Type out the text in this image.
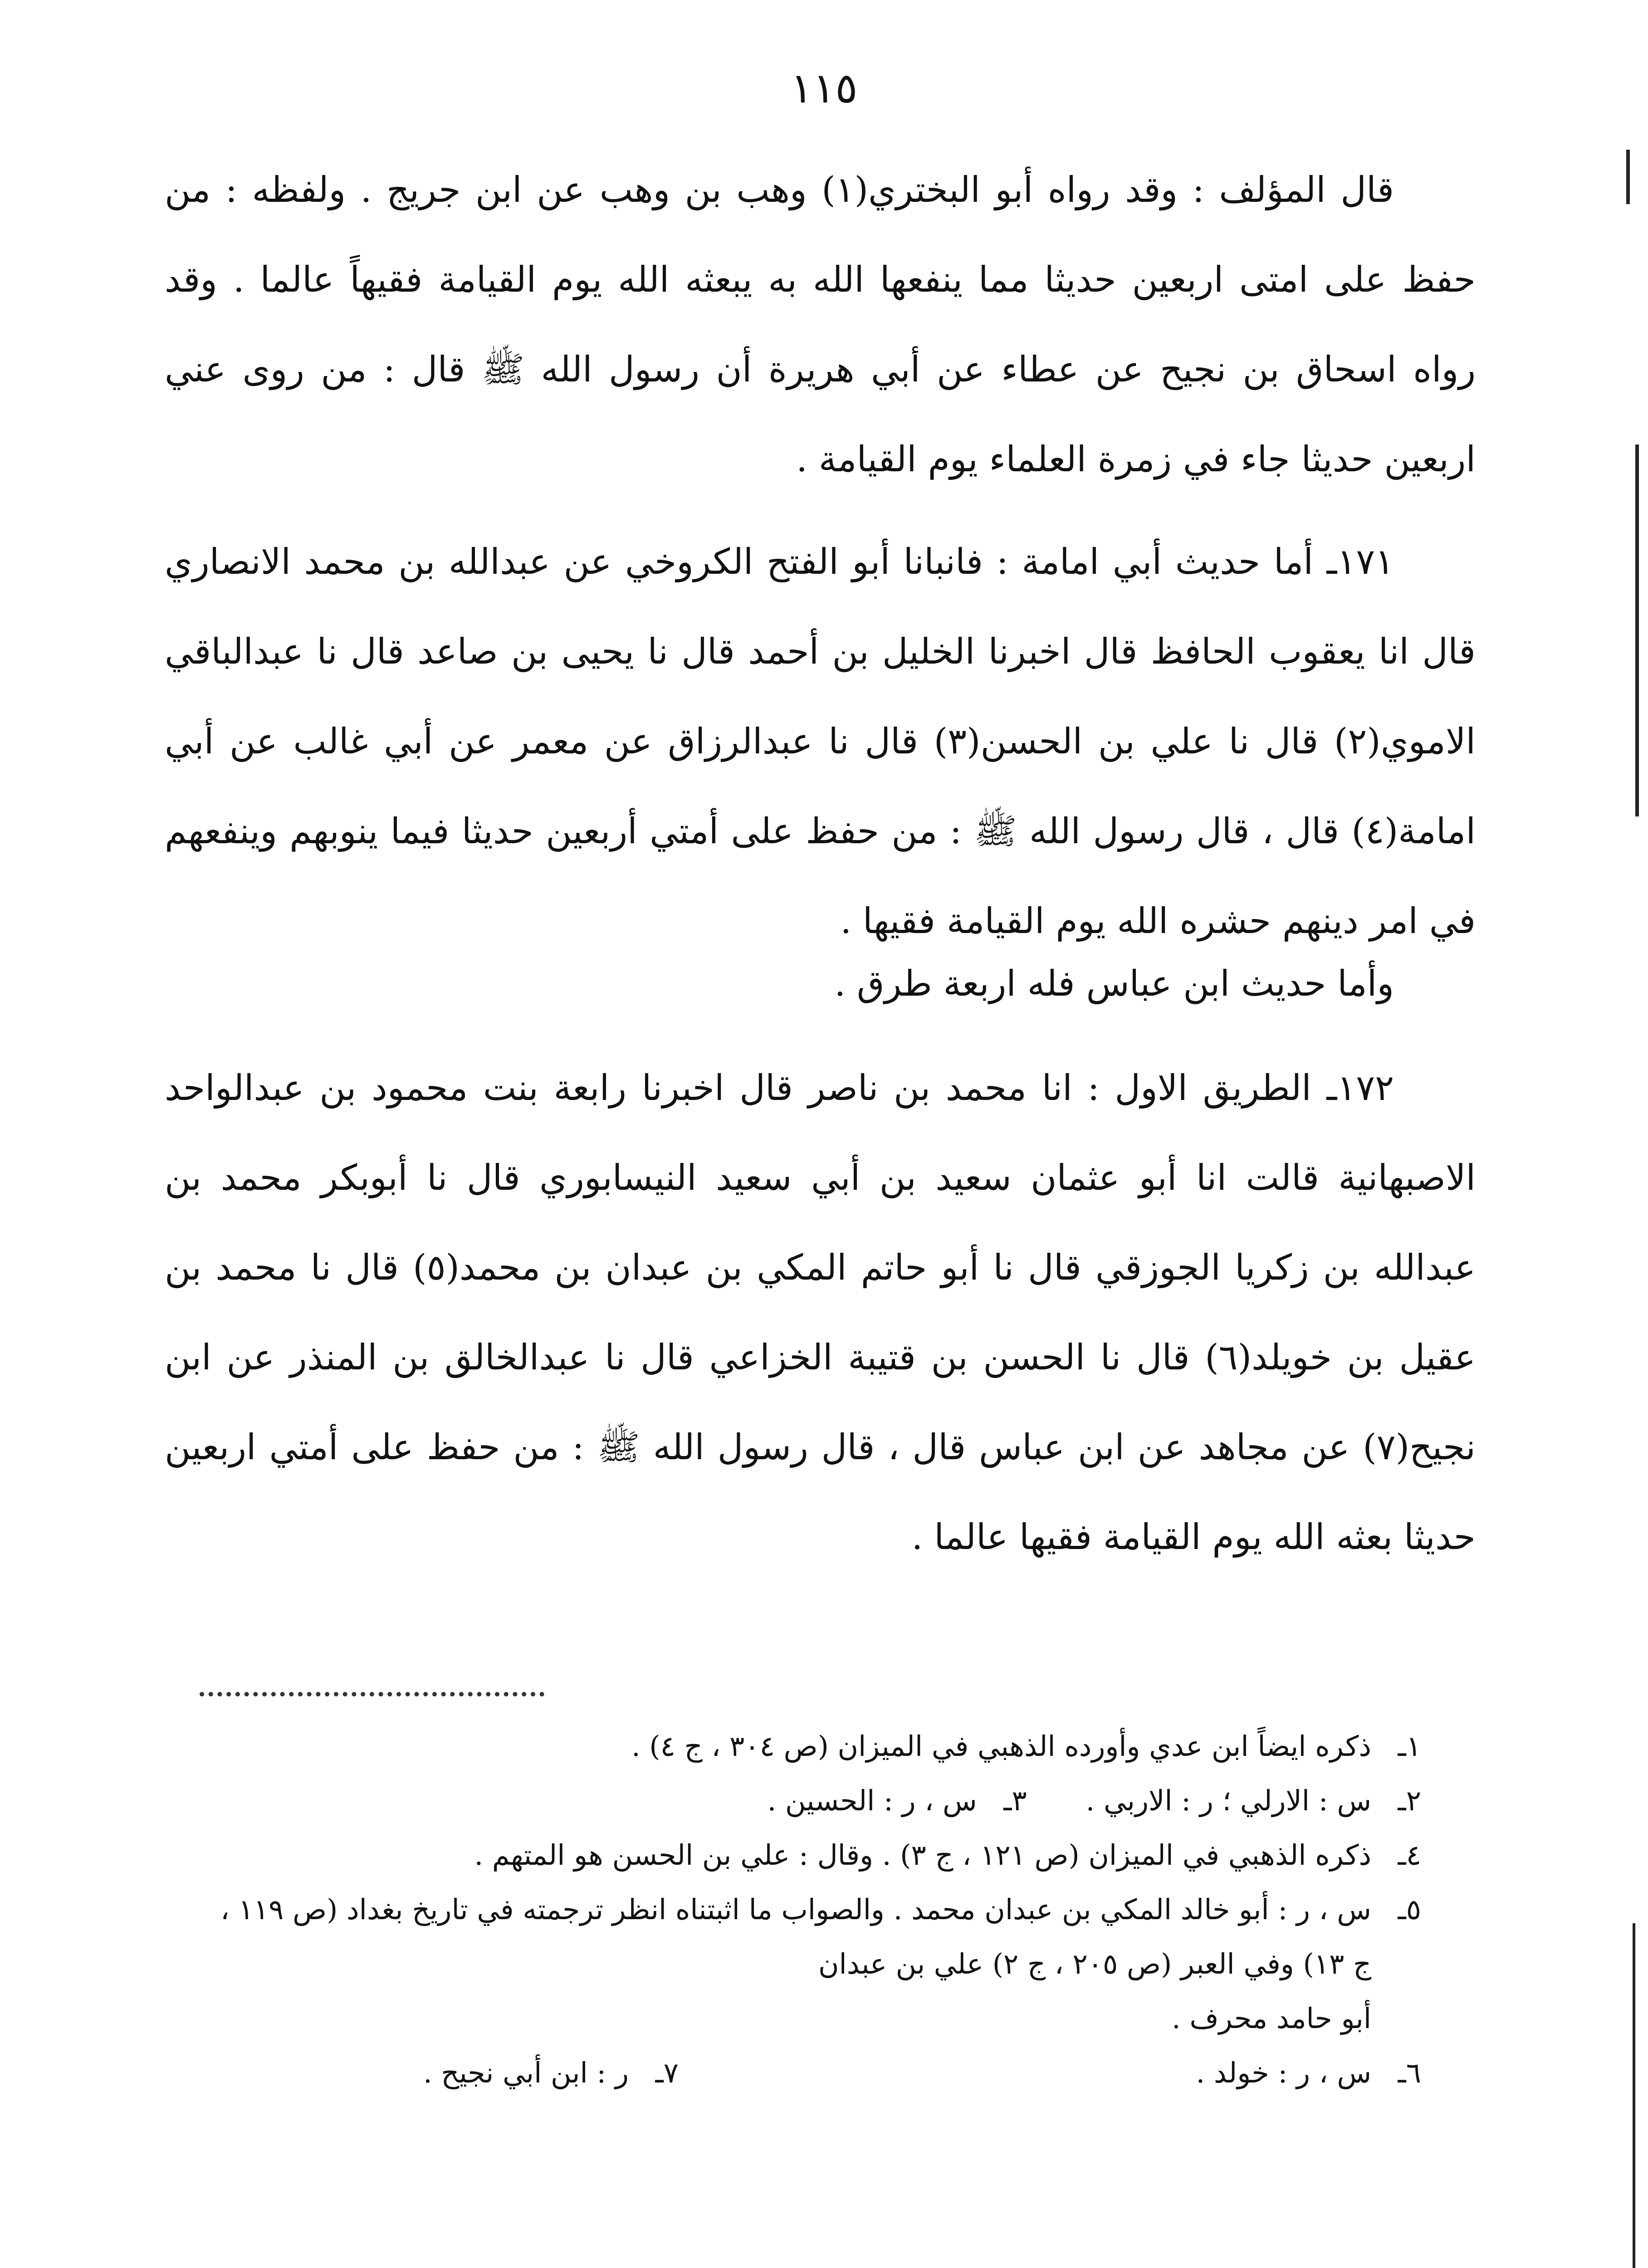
١١٥

قال المؤلف : وقد رواه أبو البختري(١) وهب بن وهب عن ابن جريج . ولفظه : من حفظ على امتى اربعين حديثا مما ينفعها الله به يبعثه الله يوم القيامة فقيهاً عالما . وقد رواه اسحاق بن نجيح عن عطاء عن أبي هريرة أن رسول الله ﷺ قال : من روى عني اربعين حديثا جاء في زمرة العلماء يوم القيامة .

١٧١ـ أما حديث أبي امامة : فانبانا أبو الفتح الكروخي عن عبدالله بن محمد الانصاري قال انا يعقوب الحافظ قال اخبرنا الخليل بن أحمد قال نا يحيى بن صاعد قال نا عبدالباقي الاموي(٢) قال نا علي بن الحسن(٣) قال نا عبدالرزاق عن معمر عن أبي غالب عن أبي امامة(٤) قال ، قال رسول الله ﷺ : من حفظ على أمتي أربعين حديثا فيما ينوبهم وينفعهم في امر دينهم حشره الله يوم القيامة فقيها .

وأما حديث ابن عباس فله اربعة طرق .

١٧٢ـ الطريق الاول : انا محمد بن ناصر قال اخبرنا رابعة بنت محمود بن عبدالواحد الاصبهانية قالت انا أبو عثمان سعيد بن أبي سعيد النيسابوري قال نا أبوبكر محمد بن عبدالله بن زكريا الجوزقي قال نا أبو حاتم المكي بن عبدان بن محمد(٥) قال نا محمد بن عقيل بن خويلد(٦) قال نا الحسن بن قتيبة الخزاعي قال نا عبدالخالق بن المنذر عن ابن نجيح(٧) عن مجاهد عن ابن عباس قال ، قال رسول الله ﷺ : من حفظ على أمتي اربعين حديثا بعثه الله يوم القيامة فقيها عالما .

١ـ
ذكره ايضاً ابن عدي وأورده الذهبي في الميزان (ص ٣٠٤ ، ج ٤) .
٢ـ
س : الارلي ؛ ر : الاربي .
٣ـ
س ، ر : الحسين .
٤ـ
ذكره الذهبي في الميزان (ص ١٢١ ، ج ٣) . وقال : علي بن الحسن هو المتهم .
٥ـ
س ، ر : أبو خالد المكي بن عبدان محمد . والصواب ما اثبتناه انظر ترجمته في تاريخ بغداد (ص ١١٩ ، ج ١٣) وفي العبر (ص ٢٠٥ ، ج ٢) علي بن عبدان
أبو حامد محرف .
٦ـ
س ، ر : خولد .
٧ـ
ر : ابن أبي نجيح .
